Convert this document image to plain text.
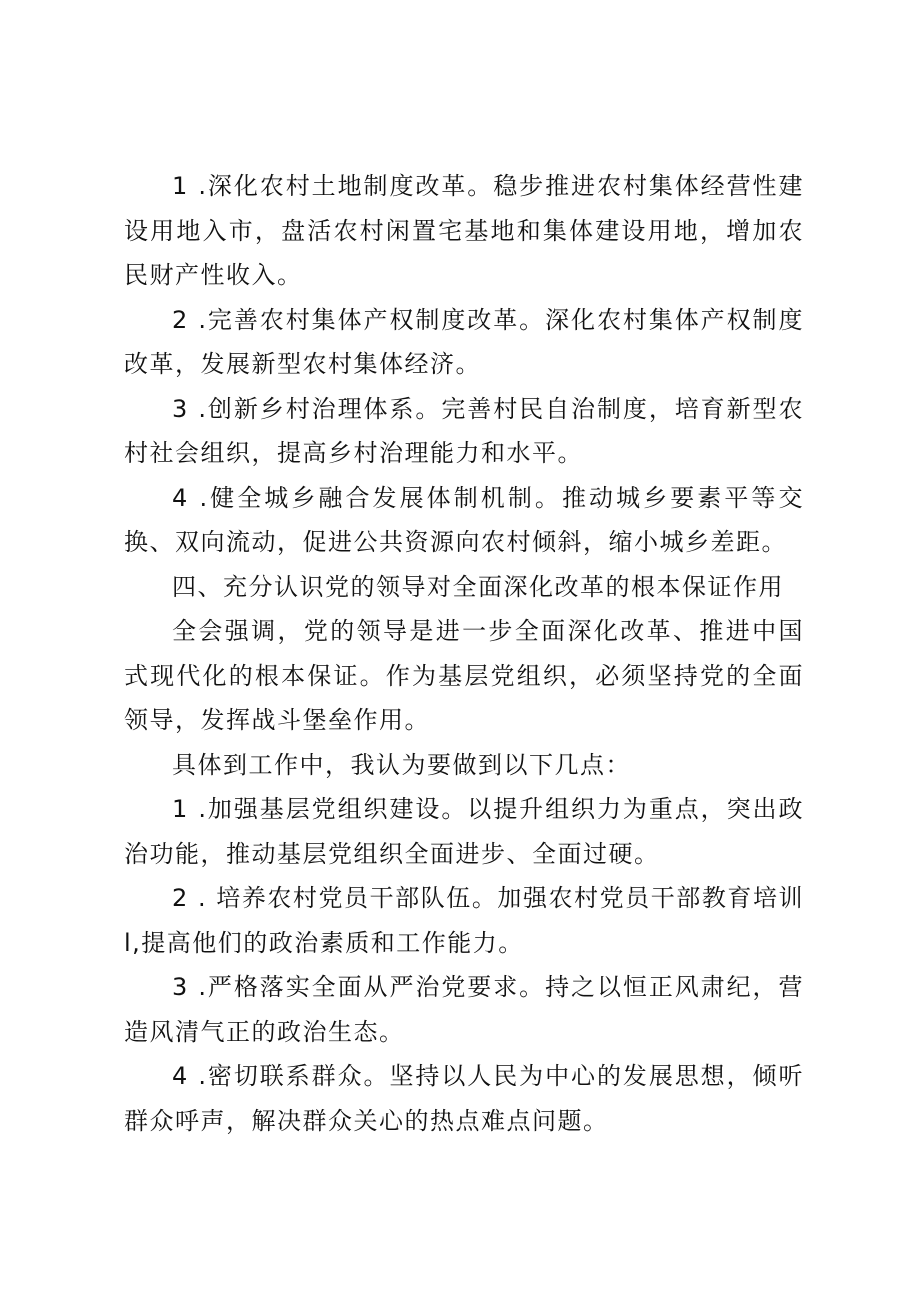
1 .深化农村土地制度改革。稳步推进农村集体经营性建设用地入市，盘活农村闲置宅基地和集体建设用地，增加农民财产性收入。

2 .完善农村集体产权制度改革。深化农村集体产权制度改革，发展新型农村集体经济。

3 .创新乡村治理体系。完善村民自治制度，培育新型农村社会组织，提高乡村治理能力和水平。

4 .健全城乡融合发展体制机制。推动城乡要素平等交换、双向流动，促进公共资源向农村倾斜，缩小城乡差距。

四、充分认识党的领导对全面深化改革的根本保证作用

全会强调，党的领导是进一步全面深化改革、推进中国式现代化的根本保证。作为基层党组织，必须坚持党的全面领导，发挥战斗堡垒作用。

具体到工作中，我认为要做到以下几点：

1 .加强基层党组织建设。以提升组织力为重点，突出政治功能，推动基层党组织全面进步、全面过硬。

2 . 培养农村党员干部队伍。加强农村党员干部教育培训l,提高他们的政治素质和工作能力。

3 .严格落实全面从严治党要求。持之以恒正风肃纪，营造风清气正的政治生态。

4 .密切联系群众。坚持以人民为中心的发展思想，倾听群众呼声，解决群众关心的热点难点问题。
